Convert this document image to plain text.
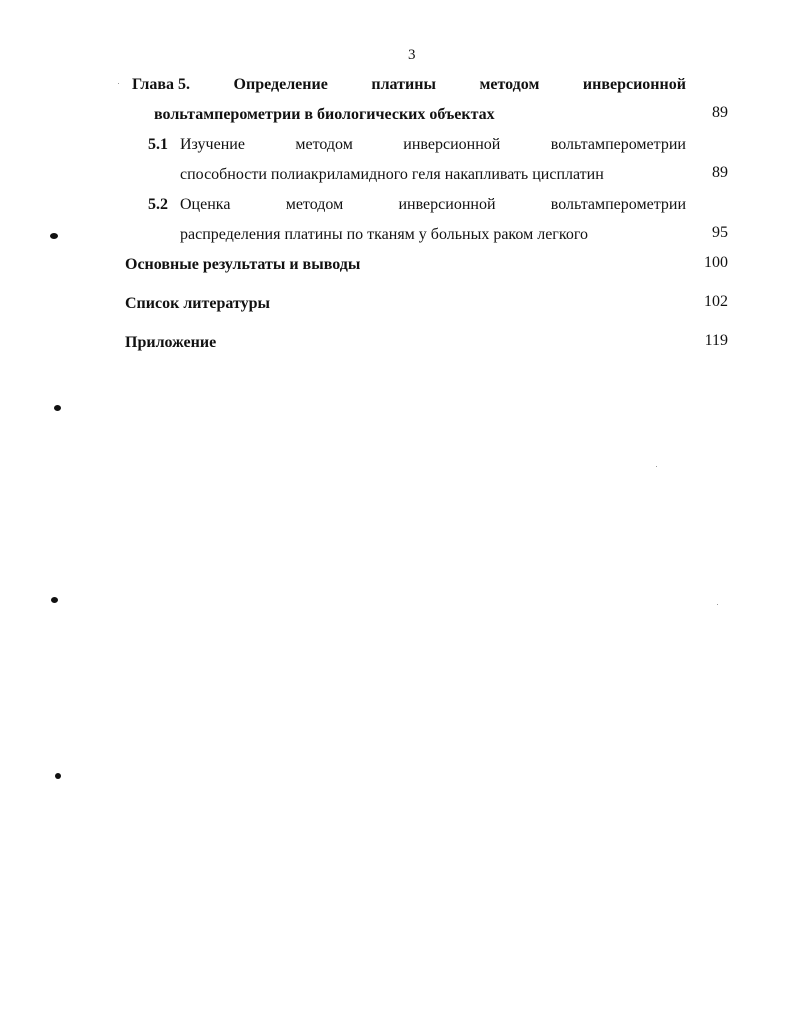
3
Глава 5.	Определение	платины	методом	инверсионной
вольтамперометрии в биологических объектах	89
5.1 Изучение	методом	инверсионной	вольтамперометрии
способности полиакриламидного геля накапливать цисплатин	89
5.2 Оценка	методом	инверсионной	вольтамперометрии
распределения платины по тканям у больных раком легкого	95
Основные результаты и выводы	100
Список литературы	102
Приложение	119
